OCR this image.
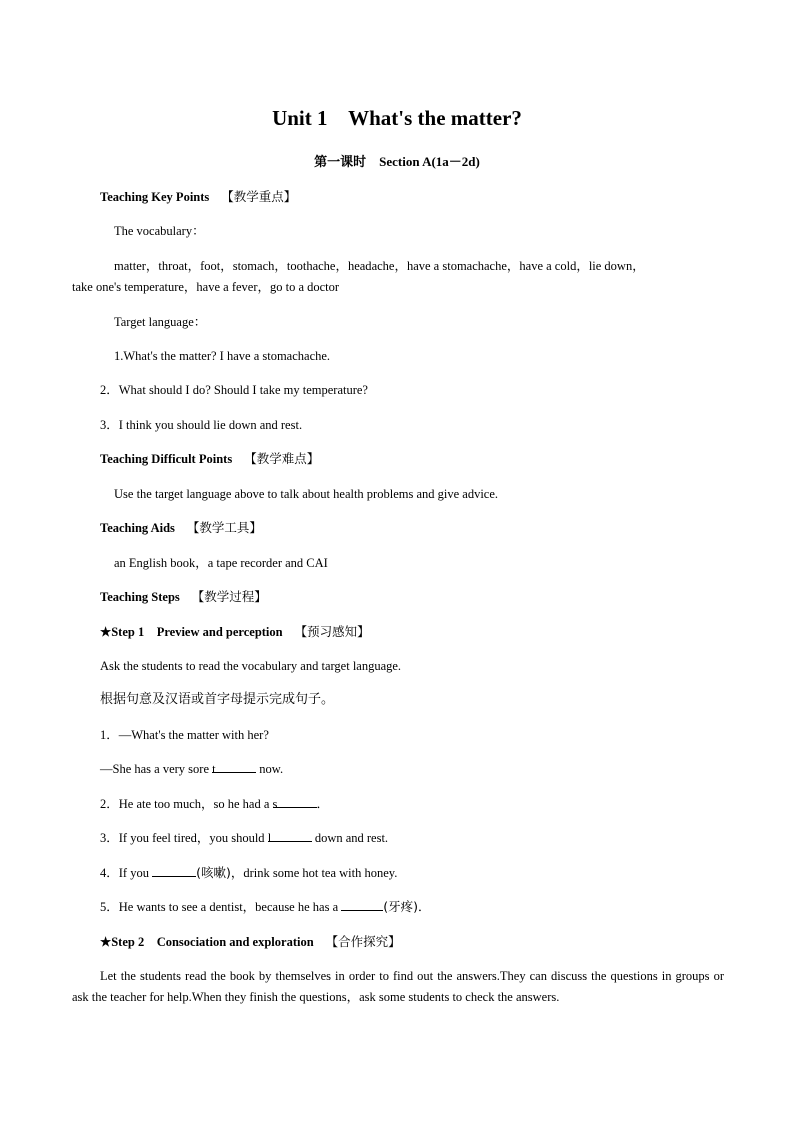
Unit 1    What's the matter?
第一课时    Section A(1a－2d)
Teaching Key Points 【教学重点】
The vocabulary：
matter，throat，foot，stomach，toothache，headache，have a stomachache，have a cold，lie down，
take one's temperature，have a fever，go to a doctor
Target language：
1.What's the matter? I have a stomachache.
2．What should I do? Should I take my temperature?
3．I think you should lie down and rest.
Teaching Difficult Points 【教学难点】
Use the target language above to talk about health problems and give advice.
Teaching Aids 【教学工具】
an English book，a tape recorder and CAI
Teaching Steps 【教学过程】
★Step 1    Preview and perception 【预习感知】
Ask the students to read the vocabulary and target language.
根据句意及汉语或首字母提示完成句子。
1．—What's the matter with her?
—She has a very sore t	now.
2．He ate too much，so he had a s	．
3．If you feel tired，you should l	down and rest.
4．If you	(咳嗽)，drink some hot tea with honey.
5．He wants to see a dentist，because he has a	(牙疼)．
★Step 2    Consociation and exploration 【合作探究】
Let the students read the book by themselves in order to find out the answers.They can discuss the questions in groups or ask the teacher for help.When they finish the questions，ask some students to check the answers.
